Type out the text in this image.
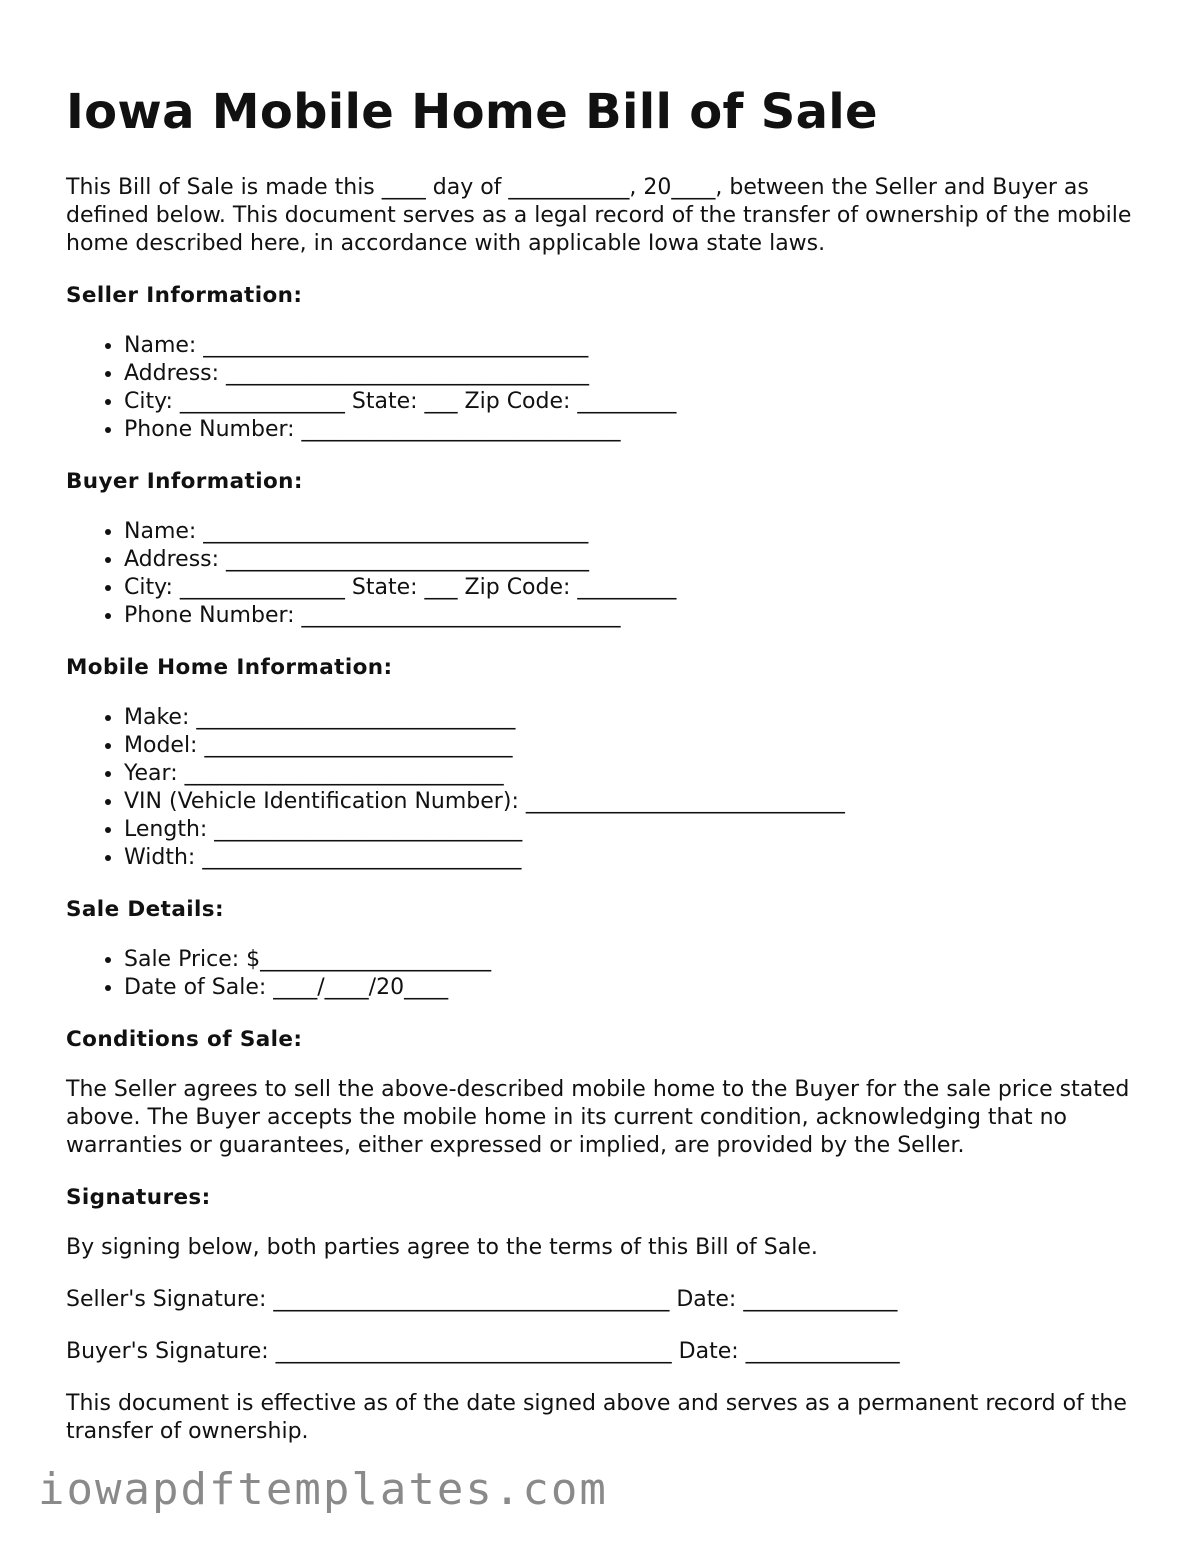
Iowa Mobile Home Bill of Sale

This Bill of Sale is made this ____ day of ___________, 20____, between the Seller and Buyer as defined below. This document serves as a legal record of the transfer of ownership of the mobile home described here, in accordance with applicable Iowa state laws.

Seller Information:
• Name: ___________________________________
• Address: _________________________________
• City: _______________ State: ___ Zip Code: _________
• Phone Number: _____________________________
Buyer Information:
• Name: ___________________________________
• Address: _________________________________
• City: _______________ State: ___ Zip Code: _________
• Phone Number: _____________________________
Mobile Home Information:
• Make: _____________________________
• Model: ____________________________
• Year: _____________________________
• VIN (Vehicle Identification Number): _____________________________
• Length: ____________________________
• Width: _____________________________
Sale Details:
• Sale Price: $_____________________
• Date of Sale: ____/____/20____
Conditions of Sale:

The Seller agrees to sell the above-described mobile home to the Buyer for the sale price stated above. The Buyer accepts the mobile home in its current condition, acknowledging that no warranties or guarantees, either expressed or implied, are provided by the Seller.

Signatures:

By signing below, both parties agree to the terms of this Bill of Sale.

Seller's Signature: ____________________________________ Date: ______________

Buyer's Signature: ____________________________________ Date: ______________

This document is effective as of the date signed above and serves as a permanent record of the transfer of ownership.

iowapdftemplates.com
